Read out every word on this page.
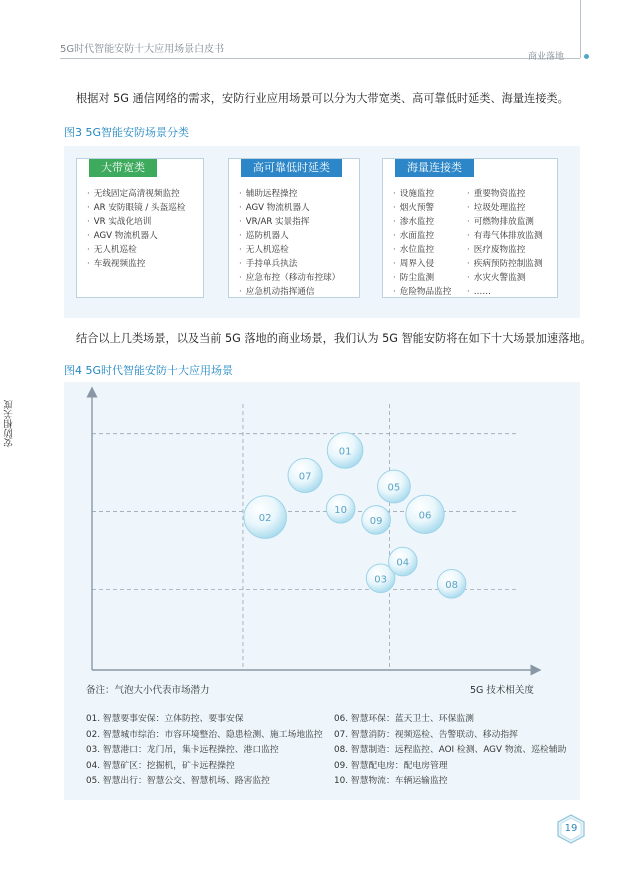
5G时代智能安防十大应用场景白皮书
商业落地
根据对 5G 通信网络的需求，安防行业应用场景可以分为大带宽类、高可靠低时延类、海量连接类。
图3 5G智能安防场景分类
大带宽类
· 无线固定高清视频监控
· AR 安防眼镜 / 头盔巡检
· VR 实战化培训
· AGV 物流机器人
· 无人机巡检
· 车载视频监控
高可靠低时延类
· 辅助远程操控
· AGV 物流机器人
· VR/AR 实景指挥
· 巡防机器人
· 无人机巡检
· 手持单兵执法
· 应急布控（移动布控球）
· 应急机动指挥通信
海量连接类
· 设施监控
· 烟火预警
· 渗水监控
· 水面监控
· 水位监控
· 周界入侵
· 防尘监测
· 危险物品监控
· 重要物资监控
· 垃圾处理监控
· 可燃物排放监测
· 有毒气体排放监测
· 医疗废物监控
· 疾病预防控制监测
· 水灾火警监测
· ……
结合以上几类场景，以及当前 5G 落地的商业场景，我们认为 5G 智能安防将在如下十大场景加速落地。
图4 5G时代智能安防十大应用场景
01
02
03
04
05
06
07
08
09
10
安防相关度
备注：气泡大小代表市场潜力	5G 技术相关度
01. 智慧要事安保：立体防控、要事安保
02. 智慧城市综治：市容环境整治、隐患检测、施工场地监控
03. 智慧港口：龙门吊，集卡远程操控、港口监控
04. 智慧矿区：挖掘机，矿卡远程操控
05. 智慧出行：智慧公交、智慧机场、路害监控
06. 智慧环保：蓝天卫士、环保监测
07. 智慧消防：视频巡检、告警联动、移动指挥
08. 智慧制造：远程监控、AOI 检测、AGV 物流、巡检辅助
09. 智慧配电房：配电房管理
10. 智慧物流：车辆运输监控
19
